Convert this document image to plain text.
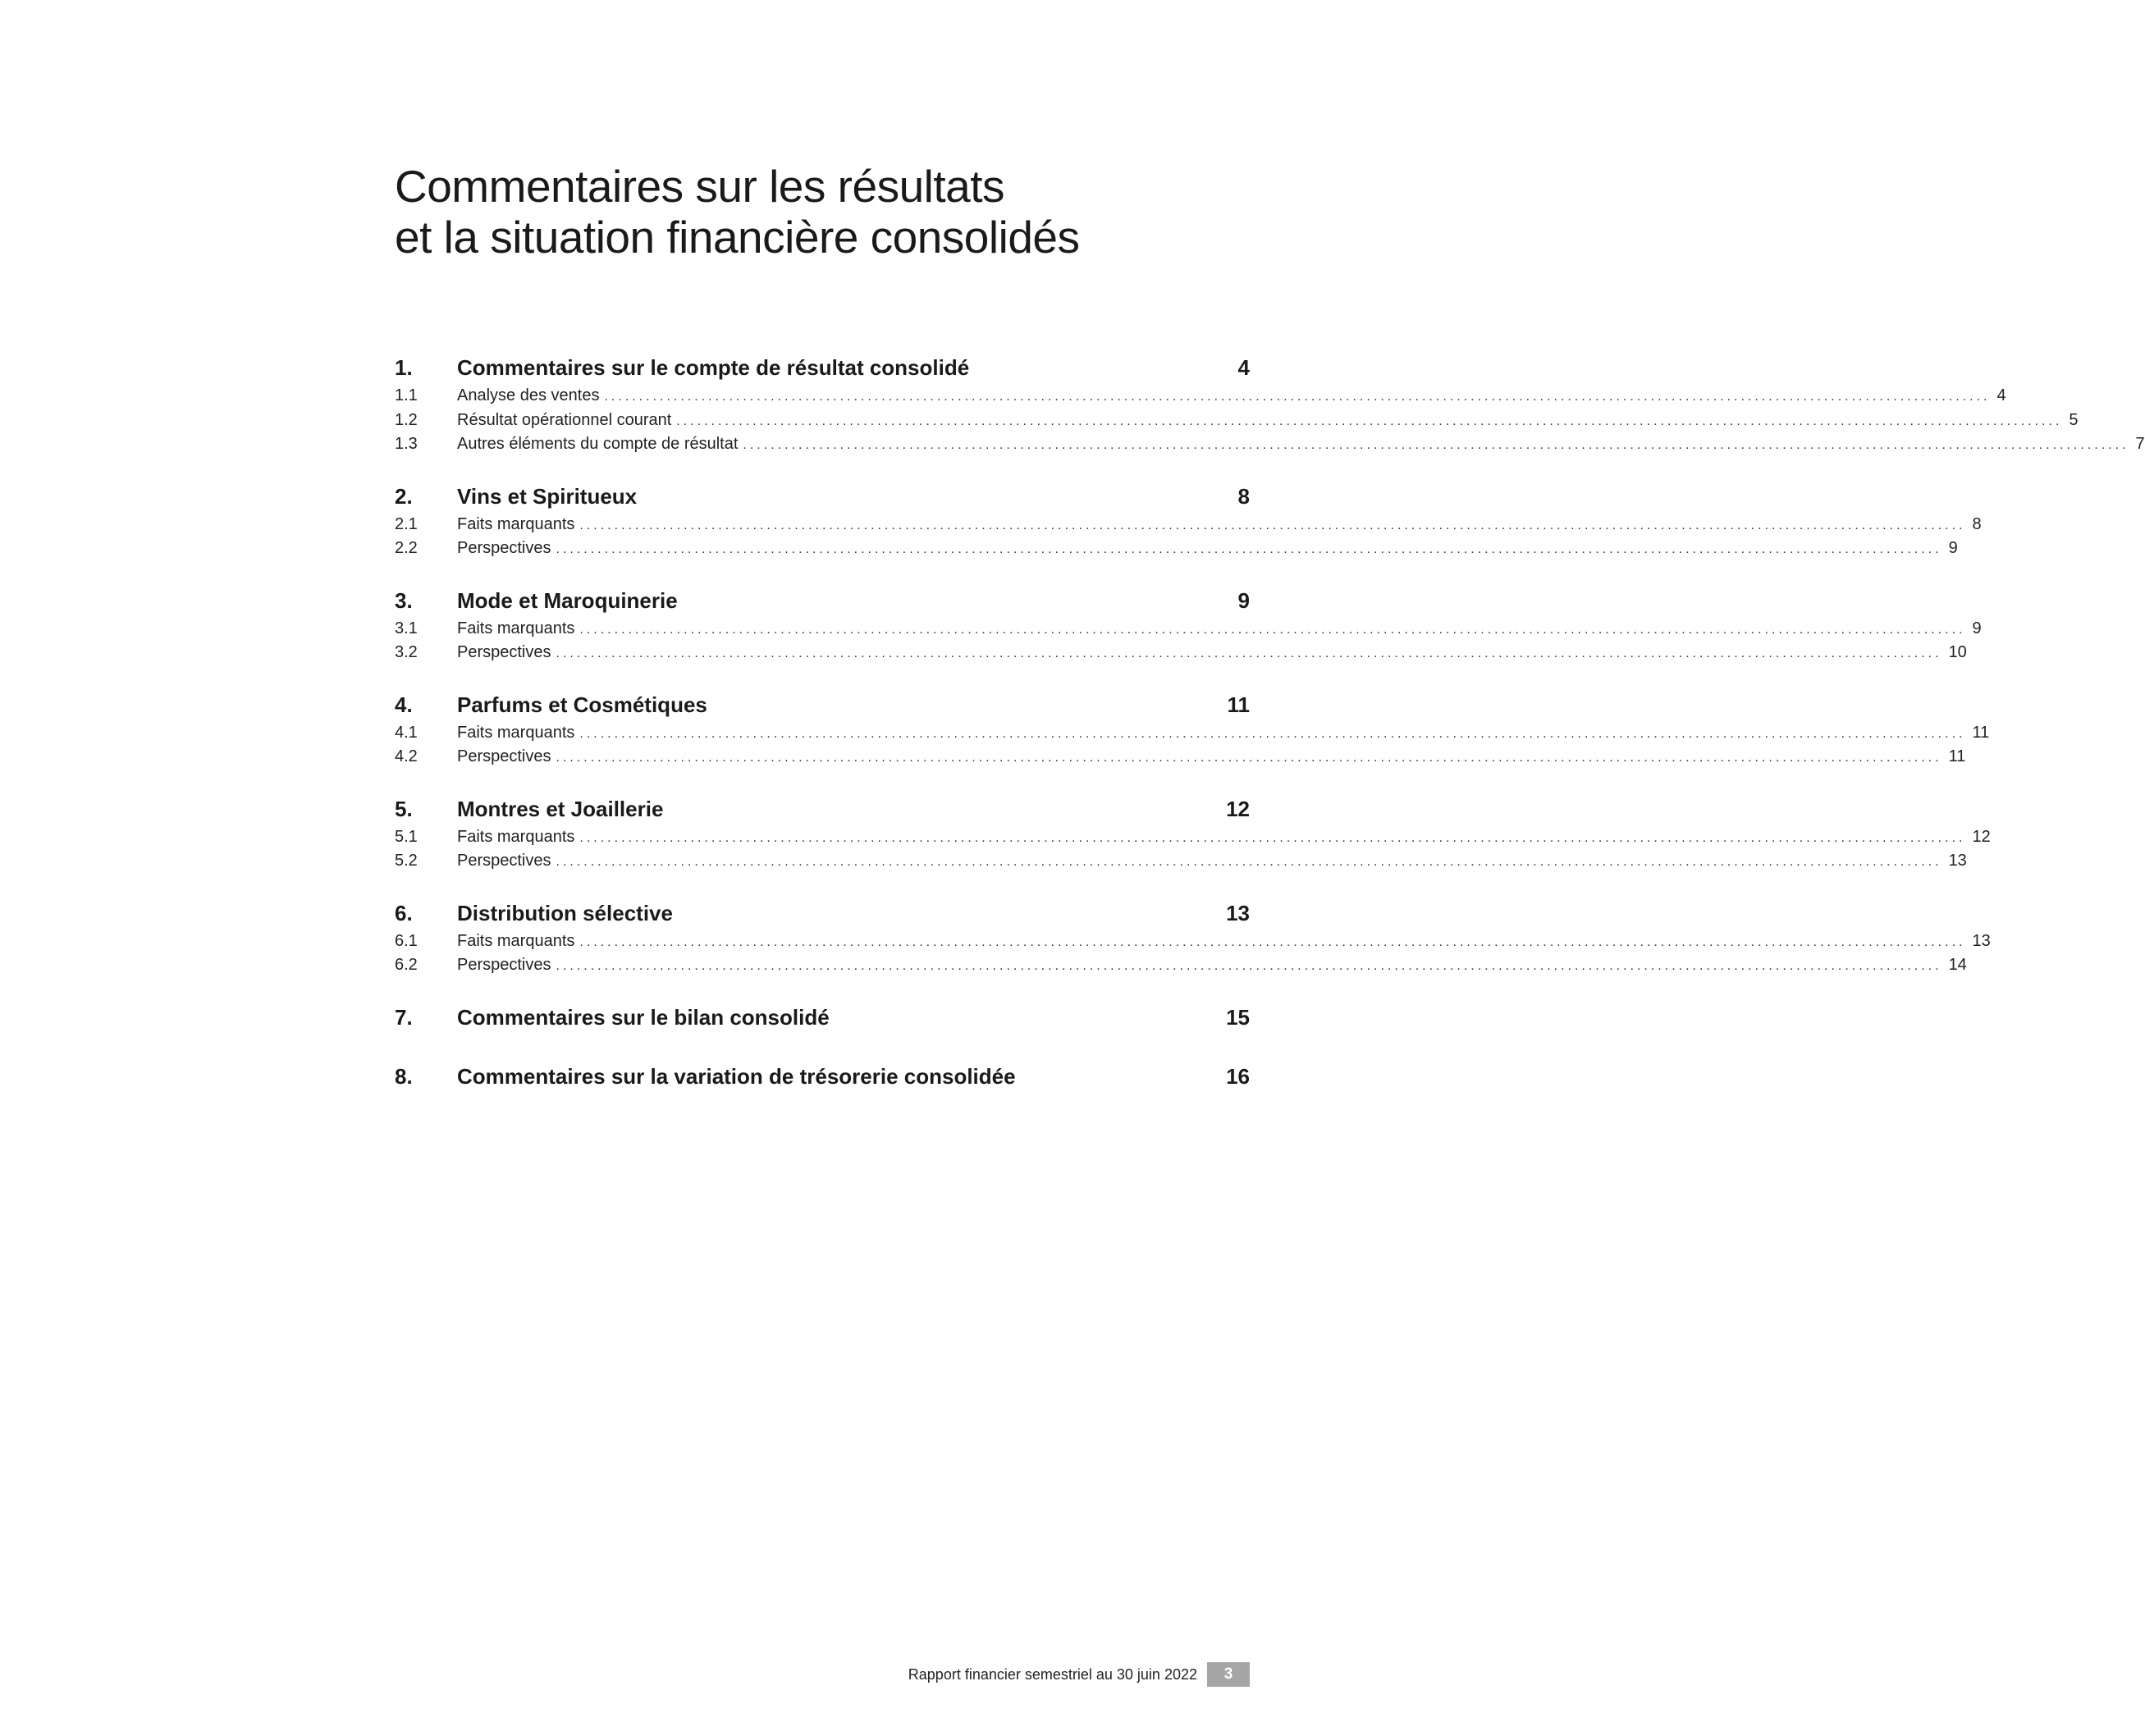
Commentaires sur les résultats
et la situation financière consolidés
1.	Commentaires sur le compte de résultat consolidé	4
1.1	Analyse des ventes ........................................................................................................................................................................................................ 4
1.2	Résultat opérationnel courant ........................................................................................................................................................................................................ 5
1.3	Autres éléments du compte de résultat ........................................................................................................................................................................................................ 7
2.	Vins et Spiritueux	8
2.1	Faits marquants ........................................................................................................................................................................................................ 8
2.2	Perspectives ........................................................................................................................................................................................................ 9
3.	Mode et Maroquinerie	9
3.1	Faits marquants ........................................................................................................................................................................................................ 9
3.2	Perspectives ........................................................................................................................................................................................................ 10
4.	Parfums et Cosmétiques	11
4.1	Faits marquants ........................................................................................................................................................................................................ 11
4.2	Perspectives ........................................................................................................................................................................................................ 11
5.	Montres et Joaillerie	12
5.1	Faits marquants ........................................................................................................................................................................................................ 12
5.2	Perspectives ........................................................................................................................................................................................................ 13
6.	Distribution sélective	13
6.1	Faits marquants ........................................................................................................................................................................................................ 13
6.2	Perspectives ........................................................................................................................................................................................................ 14
7.	Commentaires sur le bilan consolidé	15
8.	Commentaires sur la variation de trésorerie consolidée	16
Rapport financier semestriel au 30 juin 2022	3
